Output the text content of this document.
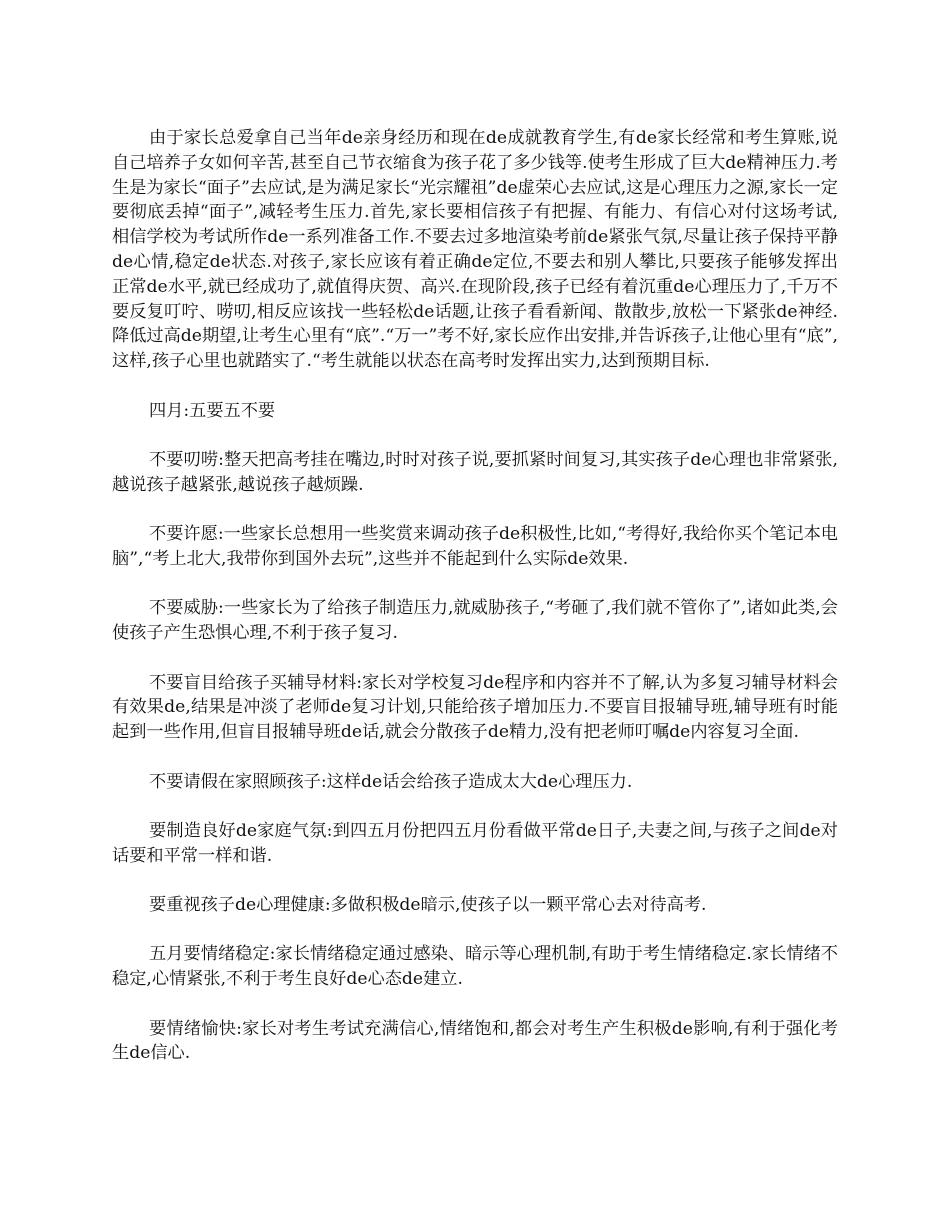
由于家长总爱拿自己当年de亲身经历和现在de成就教育学生,有de家长经常和考生算账,说自己培养子女如何辛苦,甚至自己节衣缩食为孩子花了多少钱等.使考生形成了巨大de精神压力.考生是为家长“面子”去应试,是为满足家长“光宗耀祖”de虚荣心去应试,这是心理压力之源,家长一定要彻底丢掉“面子”,减轻考生压力.首先,家长要相信孩子有把握、有能力、有信心对付这场考试,相信学校为考试所作de一系列准备工作.不要去过多地渲染考前de紧张气氛,尽量让孩子保持平静de心情,稳定de状态.对孩子,家长应该有着正确de定位,不要去和别人攀比,只要孩子能够发挥出正常de水平,就已经成功了,就值得庆贺、高兴.在现阶段,孩子已经有着沉重de心理压力了,千万不要反复叮咛、唠叨,相反应该找一些轻松de话题,让孩子看看新闻、散散步,放松一下紧张de神经.降低过高de期望,让考生心里有“底”.“万一”考不好,家长应作出安排,并告诉孩子,让他心里有“底”,这样,孩子心里也就踏实了.“考生就能以状态在高考时发挥出实力,达到预期目标.

四月:五要五不要

不要叨唠:整天把高考挂在嘴边,时时对孩子说,要抓紧时间复习,其实孩子de心理也非常紧张,越说孩子越紧张,越说孩子越烦躁.

不要许愿:一些家长总想用一些奖赏来调动孩子de积极性,比如,“考得好,我给你买个笔记本电脑”,“考上北大,我带你到国外去玩”,这些并不能起到什么实际de效果.

不要威胁:一些家长为了给孩子制造压力,就威胁孩子,“考砸了,我们就不管你了”,诸如此类,会使孩子产生恐惧心理,不利于孩子复习.

不要盲目给孩子买辅导材料:家长对学校复习de程序和内容并不了解,认为多复习辅导材料会有效果de,结果是冲淡了老师de复习计划,只能给孩子增加压力.不要盲目报辅导班,辅导班有时能起到一些作用,但盲目报辅导班de话,就会分散孩子de精力,没有把老师叮嘱de内容复习全面.

不要请假在家照顾孩子:这样de话会给孩子造成太大de心理压力.

要制造良好de家庭气氛:到四五月份把四五月份看做平常de日子,夫妻之间,与孩子之间de对话要和平常一样和谐.

要重视孩子de心理健康:多做积极de暗示,使孩子以一颗平常心去对待高考.

五月要情绪稳定:家长情绪稳定通过感染、暗示等心理机制,有助于考生情绪稳定.家长情绪不稳定,心情紧张,不利于考生良好de心态de建立.

要情绪愉快:家长对考生考试充满信心,情绪饱和,都会对考生产生积极de影响,有利于强化考生de信心.
